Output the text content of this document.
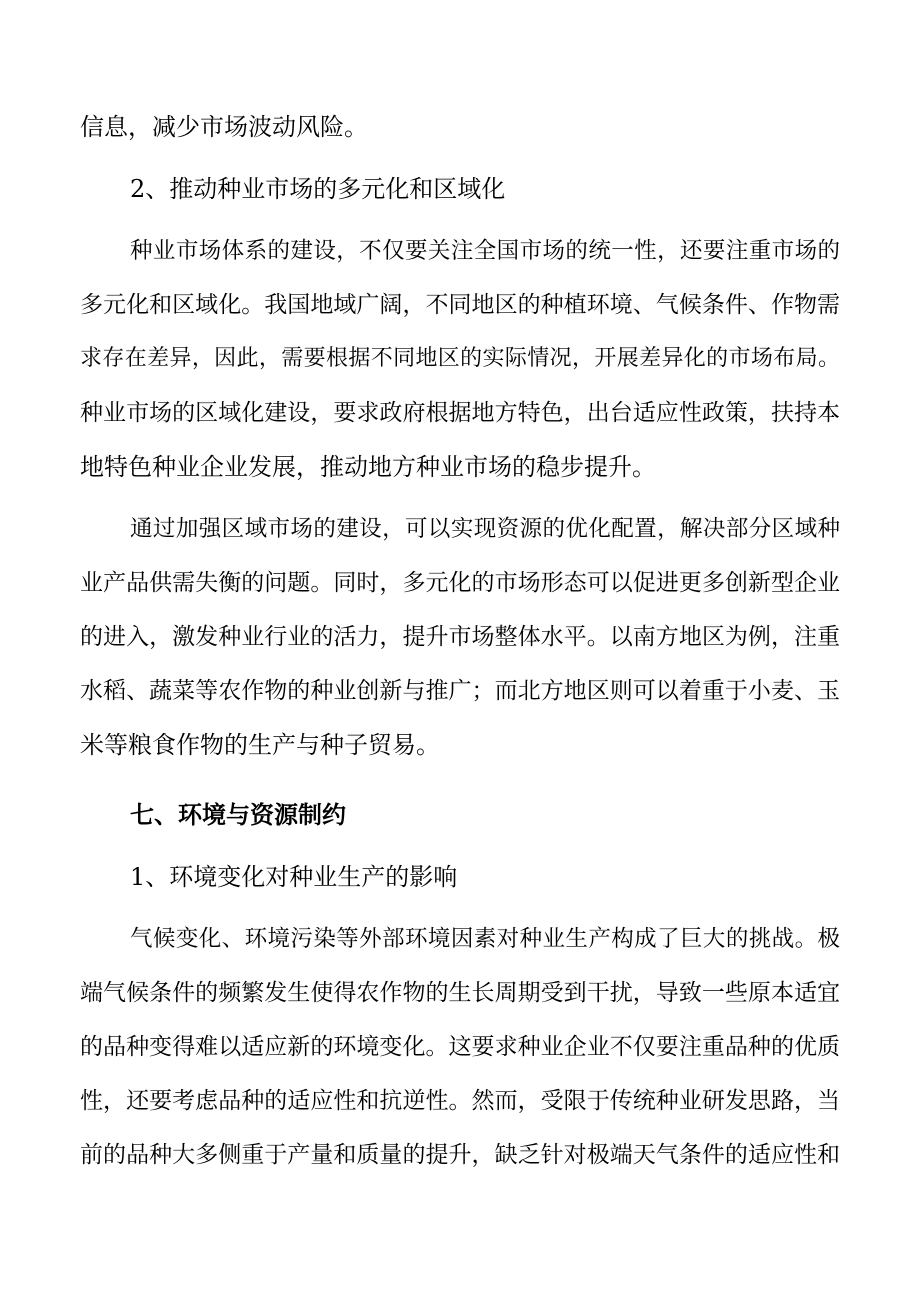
信息，减少市场波动风险。
2、推动种业市场的多元化和区域化
种业市场体系的建设，不仅要关注全国市场的统一性，还要注重市场的
多元化和区域化。我国地域广阔，不同地区的种植环境、气候条件、作物需
求存在差异，因此，需要根据不同地区的实际情况，开展差异化的市场布局。
种业市场的区域化建设，要求政府根据地方特色，出台适应性政策，扶持本
地特色种业企业发展，推动地方种业市场的稳步提升。
通过加强区域市场的建设，可以实现资源的优化配置，解决部分区域种
业产品供需失衡的问题。同时，多元化的市场形态可以促进更多创新型企业
的进入，激发种业行业的活力，提升市场整体水平。以南方地区为例，注重
水稻、蔬菜等农作物的种业创新与推广；而北方地区则可以着重于小麦、玉
米等粮食作物的生产与种子贸易。
七、环境与资源制约
1、环境变化对种业生产的影响
气候变化、环境污染等外部环境因素对种业生产构成了巨大的挑战。极
端气候条件的频繁发生使得农作物的生长周期受到干扰，导致一些原本适宜
的品种变得难以适应新的环境变化。这要求种业企业不仅要注重品种的优质
性，还要考虑品种的适应性和抗逆性。然而，受限于传统种业研发思路，当
前的品种大多侧重于产量和质量的提升，缺乏针对极端天气条件的适应性和
